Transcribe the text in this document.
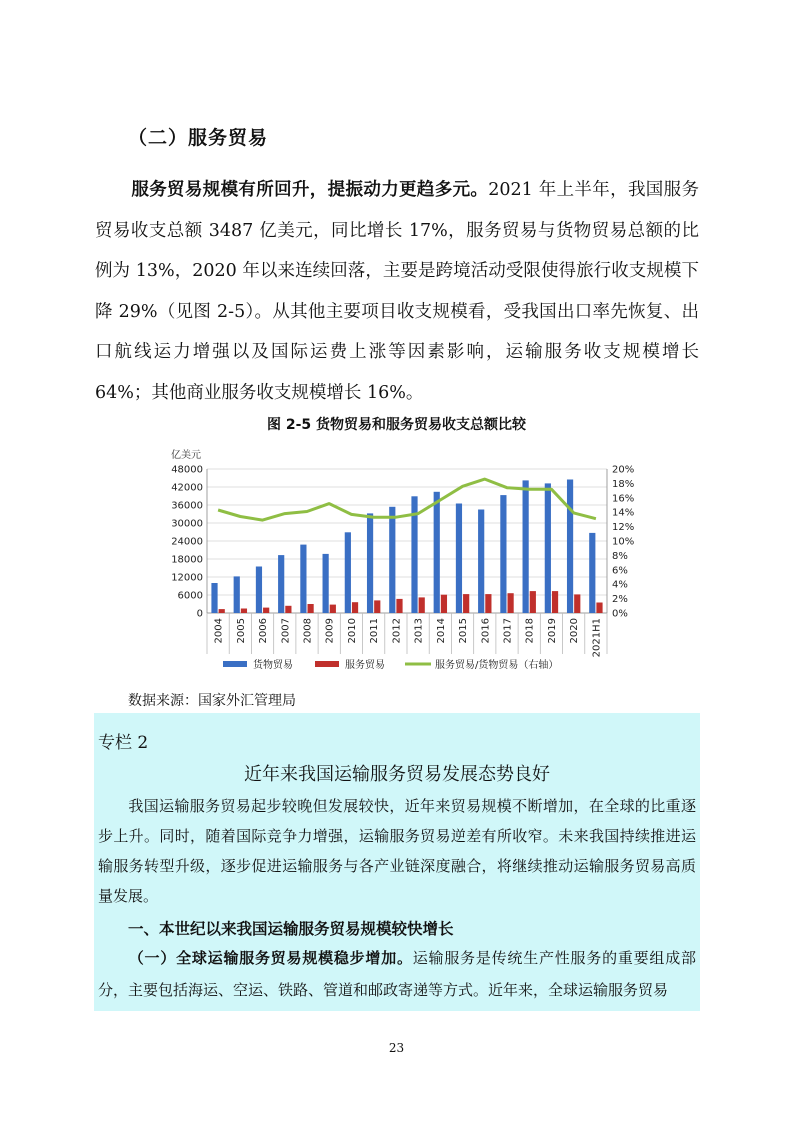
（二）服务贸易
服务贸易规模有所回升，提振动力更趋多元。2021 年上半年，我国服务贸易收支总额 3487 亿美元，同比增长 17%，服务贸易与货物贸易总额的比例为 13%，2020 年以来连续回落，主要是跨境活动受限使得旅行收支规模下降 29%（见图 2-5）。从其他主要项目收支规模看，受我国出口率先恢复、出口航线运力增强以及国际运费上涨等因素影响，运输服务收支规模增长 64%；其他商业服务收支规模增长 16%。
图 2-5 货物贸易和服务贸易收支总额比较
亿美元
0
6000
12000
18000
24000
30000
36000
42000
48000
0%
2%
4%
6%
8%
10%
12%
14%
16%
18%
20%
2004 2005 2006 2007 2008 2009 2010 2011 2012 2013 2014 2015 2016 2017 2018 2019 2020 2021H1
货物贸易	服务贸易	服务贸易/货物贸易（右轴）
数据来源：国家外汇管理局
专栏 2
近年来我国运输服务贸易发展态势良好
我国运输服务贸易起步较晚但发展较快，近年来贸易规模不断增加，在全球的比重逐步上升。同时，随着国际竞争力增强，运输服务贸易逆差有所收窄。未来我国持续推进运输服务转型升级，逐步促进运输服务与各产业链深度融合，将继续推动运输服务贸易高质量发展。
一、本世纪以来我国运输服务贸易规模较快增长
（一）全球运输服务贸易规模稳步增加。运输服务是传统生产性服务的重要组成部分，主要包括海运、空运、铁路、管道和邮政寄递等方式。近年来，全球运输服务贸易
23
